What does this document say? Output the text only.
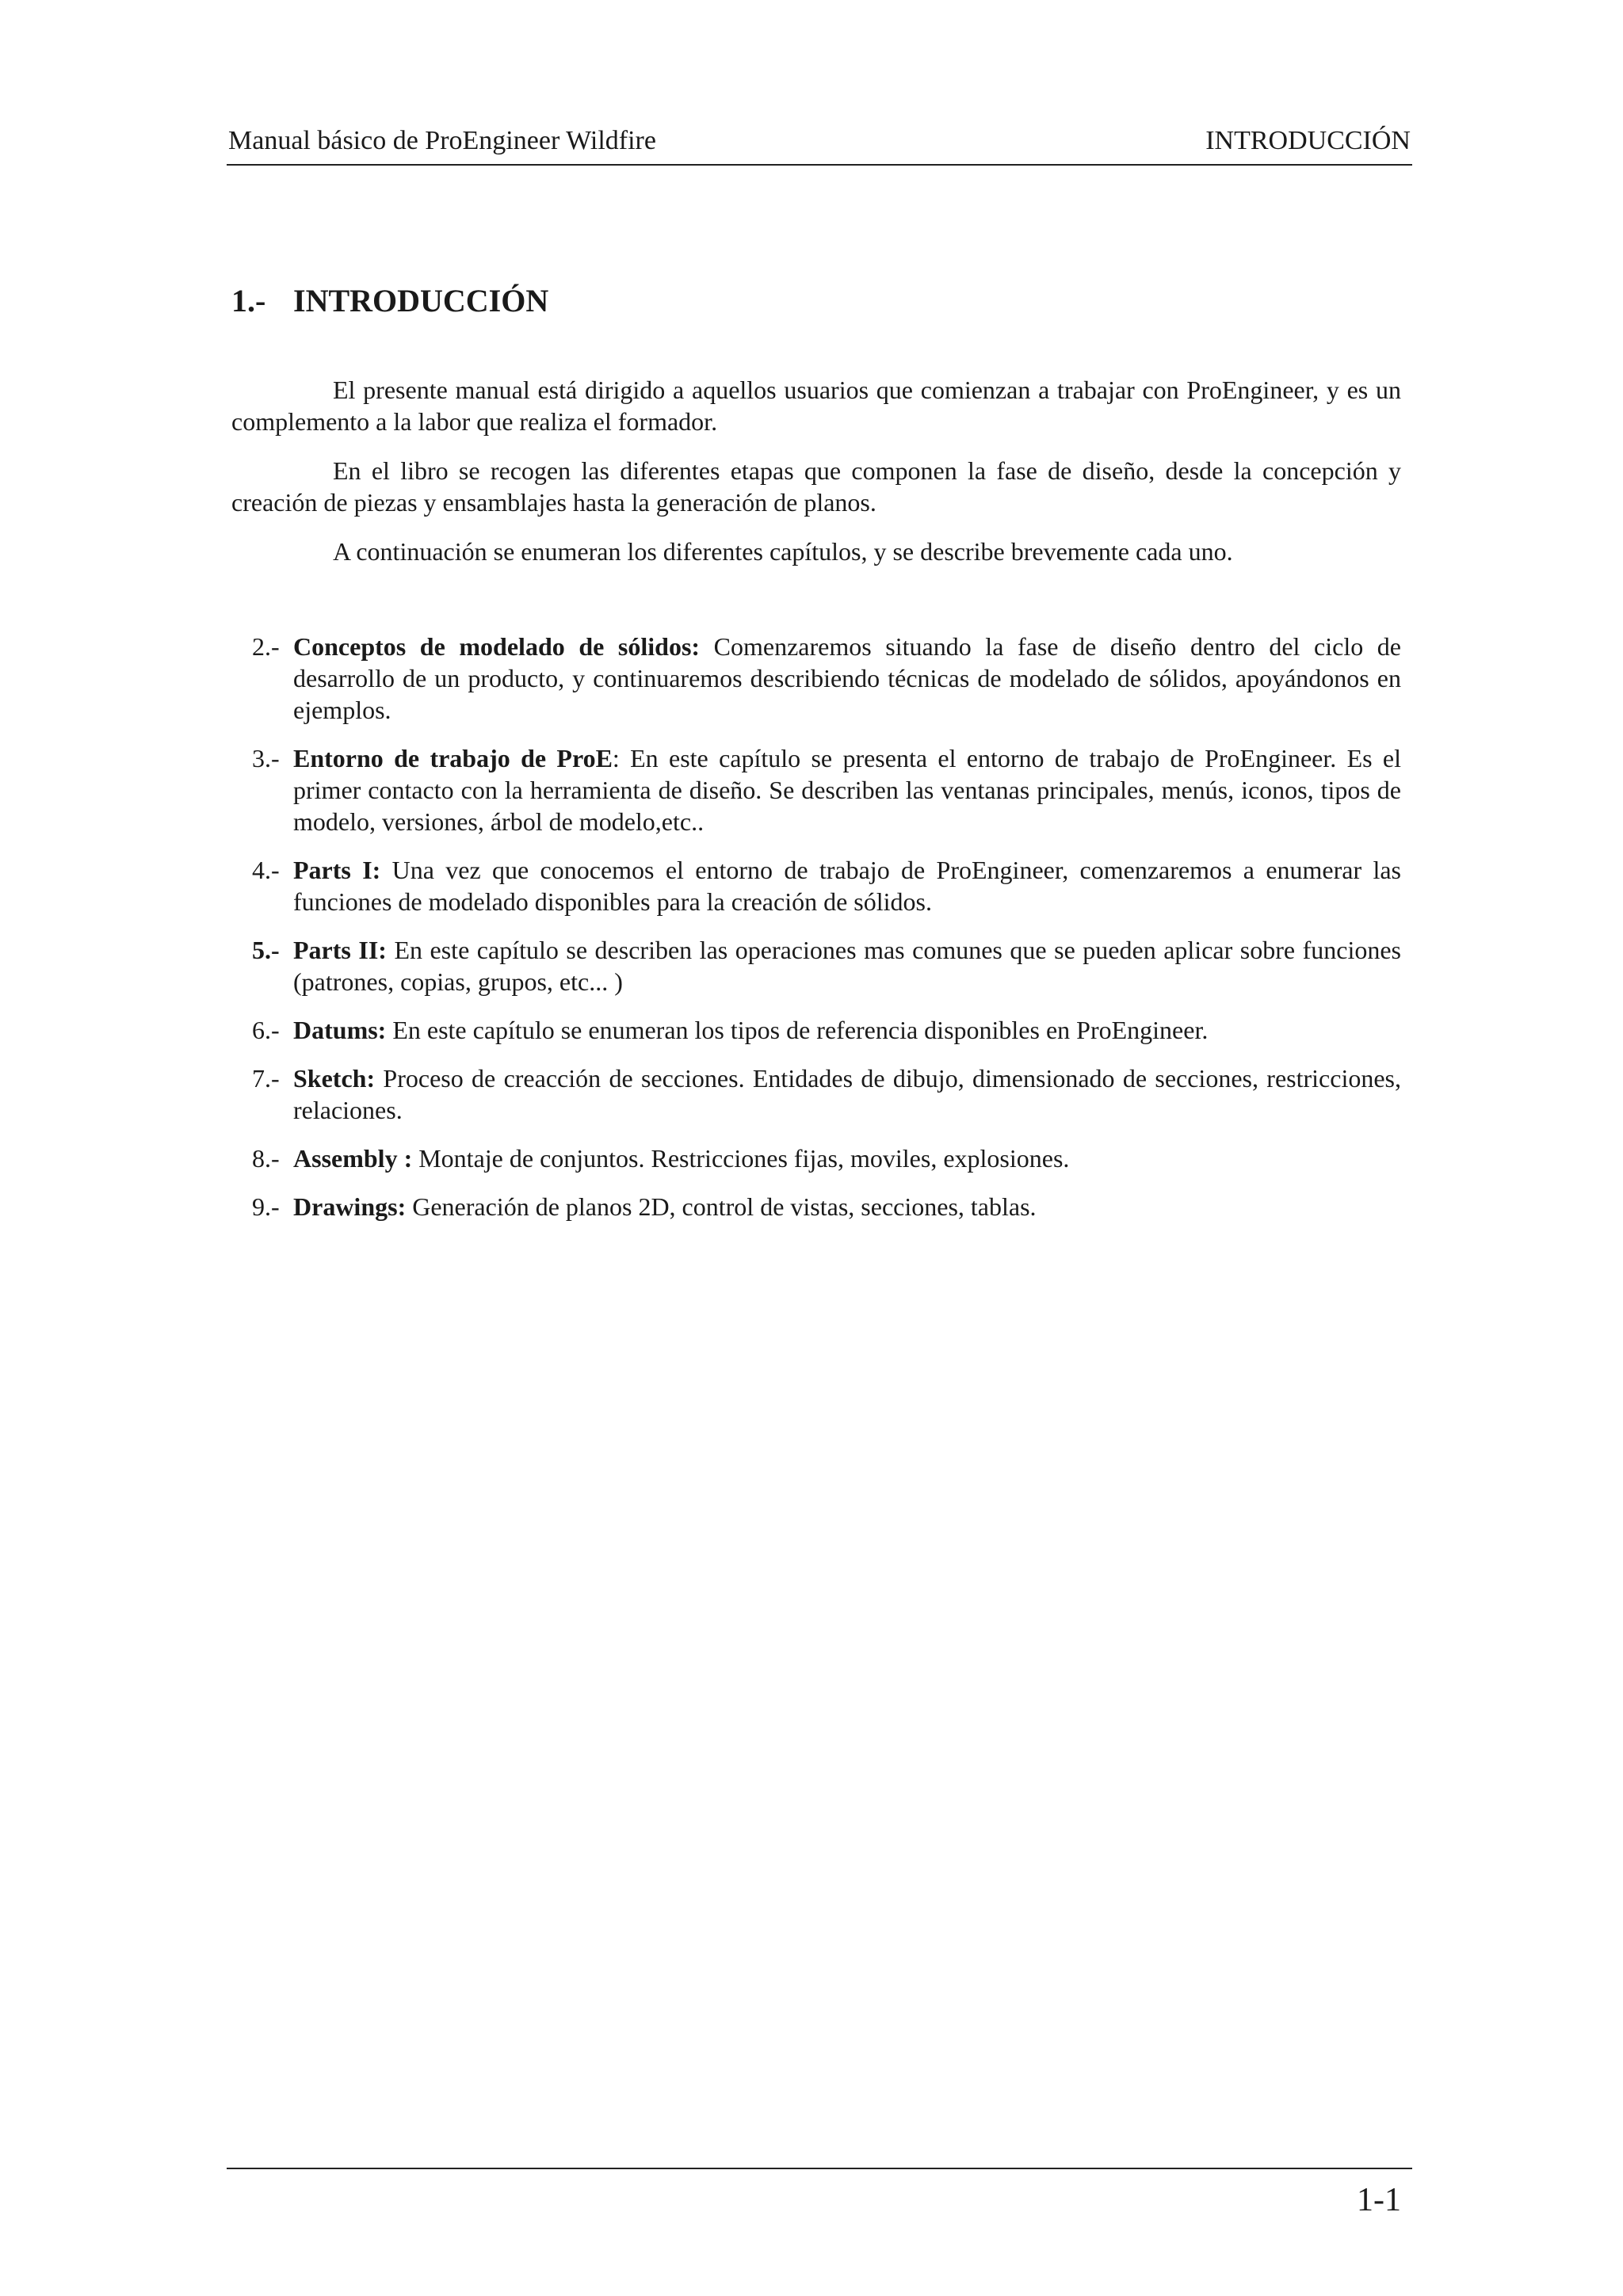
Manual básico de ProEngineer Wildfire	INTRODUCCIÓN
1.- INTRODUCCIÓN

El presente manual está dirigido a aquellos usuarios que comienzan a trabajar con ProEngineer, y es un complemento a la labor que realiza el formador.

En el libro se recogen las diferentes etapas que componen la fase de diseño, desde la concepción y creación de piezas y ensamblajes hasta la generación de planos.

A continuación se enumeran los diferentes capítulos, y se describe brevemente cada uno.

2.- Conceptos de modelado de sólidos: Comenzaremos situando la fase de diseño dentro del ciclo de desarrollo de un producto, y continuaremos describiendo técnicas de modelado de sólidos, apoyándonos en ejemplos.
3.- Entorno de trabajo de ProE: En este capítulo se presenta el entorno de trabajo de ProEngineer. Es el primer contacto con la herramienta de diseño. Se describen las ventanas principales, menús, iconos, tipos de modelo, versiones, árbol de modelo,etc..
4.- Parts I: Una vez que conocemos el entorno de trabajo de ProEngineer, comenzaremos a enumerar las funciones de modelado disponibles para la creación de sólidos.
5.- Parts II: En este capítulo se describen las operaciones mas comunes que se pueden aplicar sobre funciones (patrones, copias, grupos, etc... )
6.- Datums: En este capítulo se enumeran los tipos de referencia disponibles en ProEngineer.
7.- Sketch: Proceso de creacción de secciones. Entidades de dibujo, dimensionado de secciones, restricciones, relaciones.
8.- Assembly : Montaje de conjuntos. Restricciones fijas, moviles, explosiones.
9.- Drawings: Generación de planos 2D, control de vistas, secciones, tablas.
1-1
